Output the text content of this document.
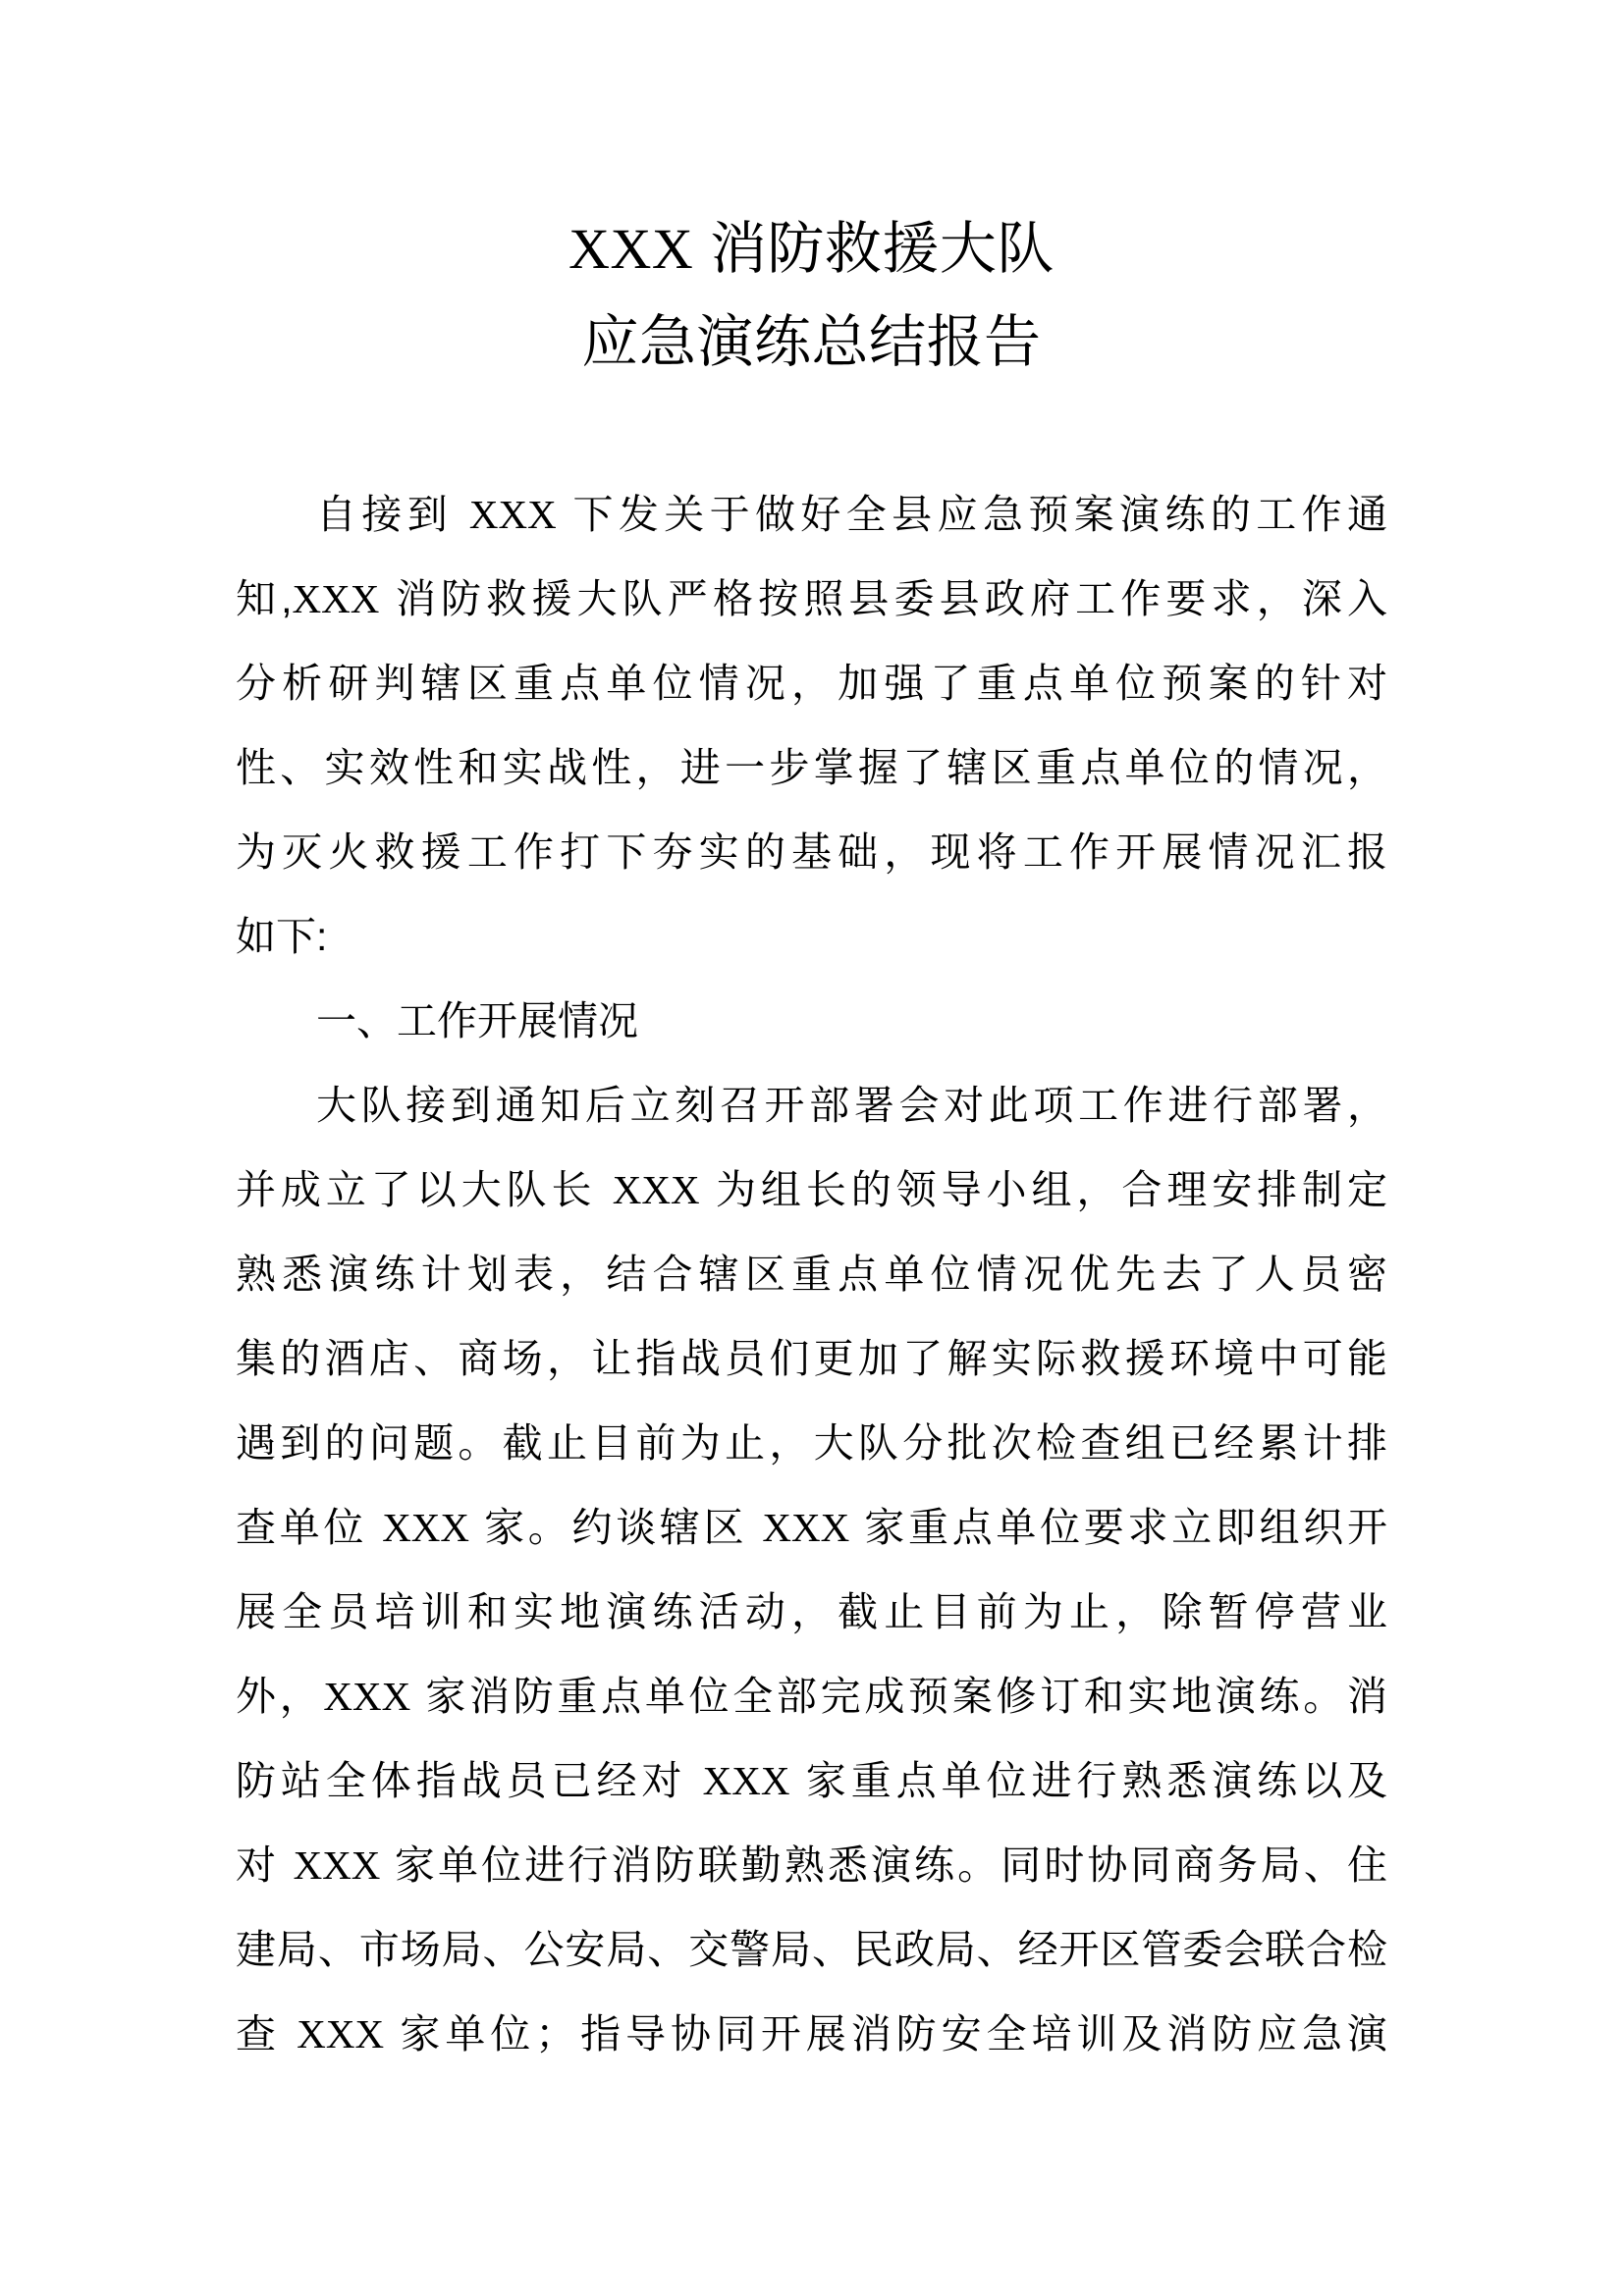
XXX 消防救援大队
应急演练总结报告
自接到 XXX 下发关于做好全县应急预案演练的工作通
知,XXX 消防救援大队严格按照县委县政府工作要求，深入
分析研判辖区重点单位情况，加强了重点单位预案的针对
性、实效性和实战性，进一步掌握了辖区重点单位的情况，
为灭火救援工作打下夯实的基础，现将工作开展情况汇报
如下:
一、工作开展情况
大队接到通知后立刻召开部署会对此项工作进行部署，
并成立了以大队长 XXX 为组长的领导小组，合理安排制定
熟悉演练计划表，结合辖区重点单位情况优先去了人员密
集的酒店、商场，让指战员们更加了解实际救援环境中可能
遇到的问题。截止目前为止，大队分批次检查组已经累计排
查单位 XXX 家。约谈辖区 XXX 家重点单位要求立即组织开
展全员培训和实地演练活动，截止目前为止，除暂停营业
外，XXX 家消防重点单位全部完成预案修订和实地演练。消
防站全体指战员已经对 XXX 家重点单位进行熟悉演练以及
对 XXX 家单位进行消防联勤熟悉演练。同时协同商务局、住
建局、市场局、公安局、交警局、民政局、经开区管委会联合检
查 XXX 家单位；指导协同开展消防安全培训及消防应急演
